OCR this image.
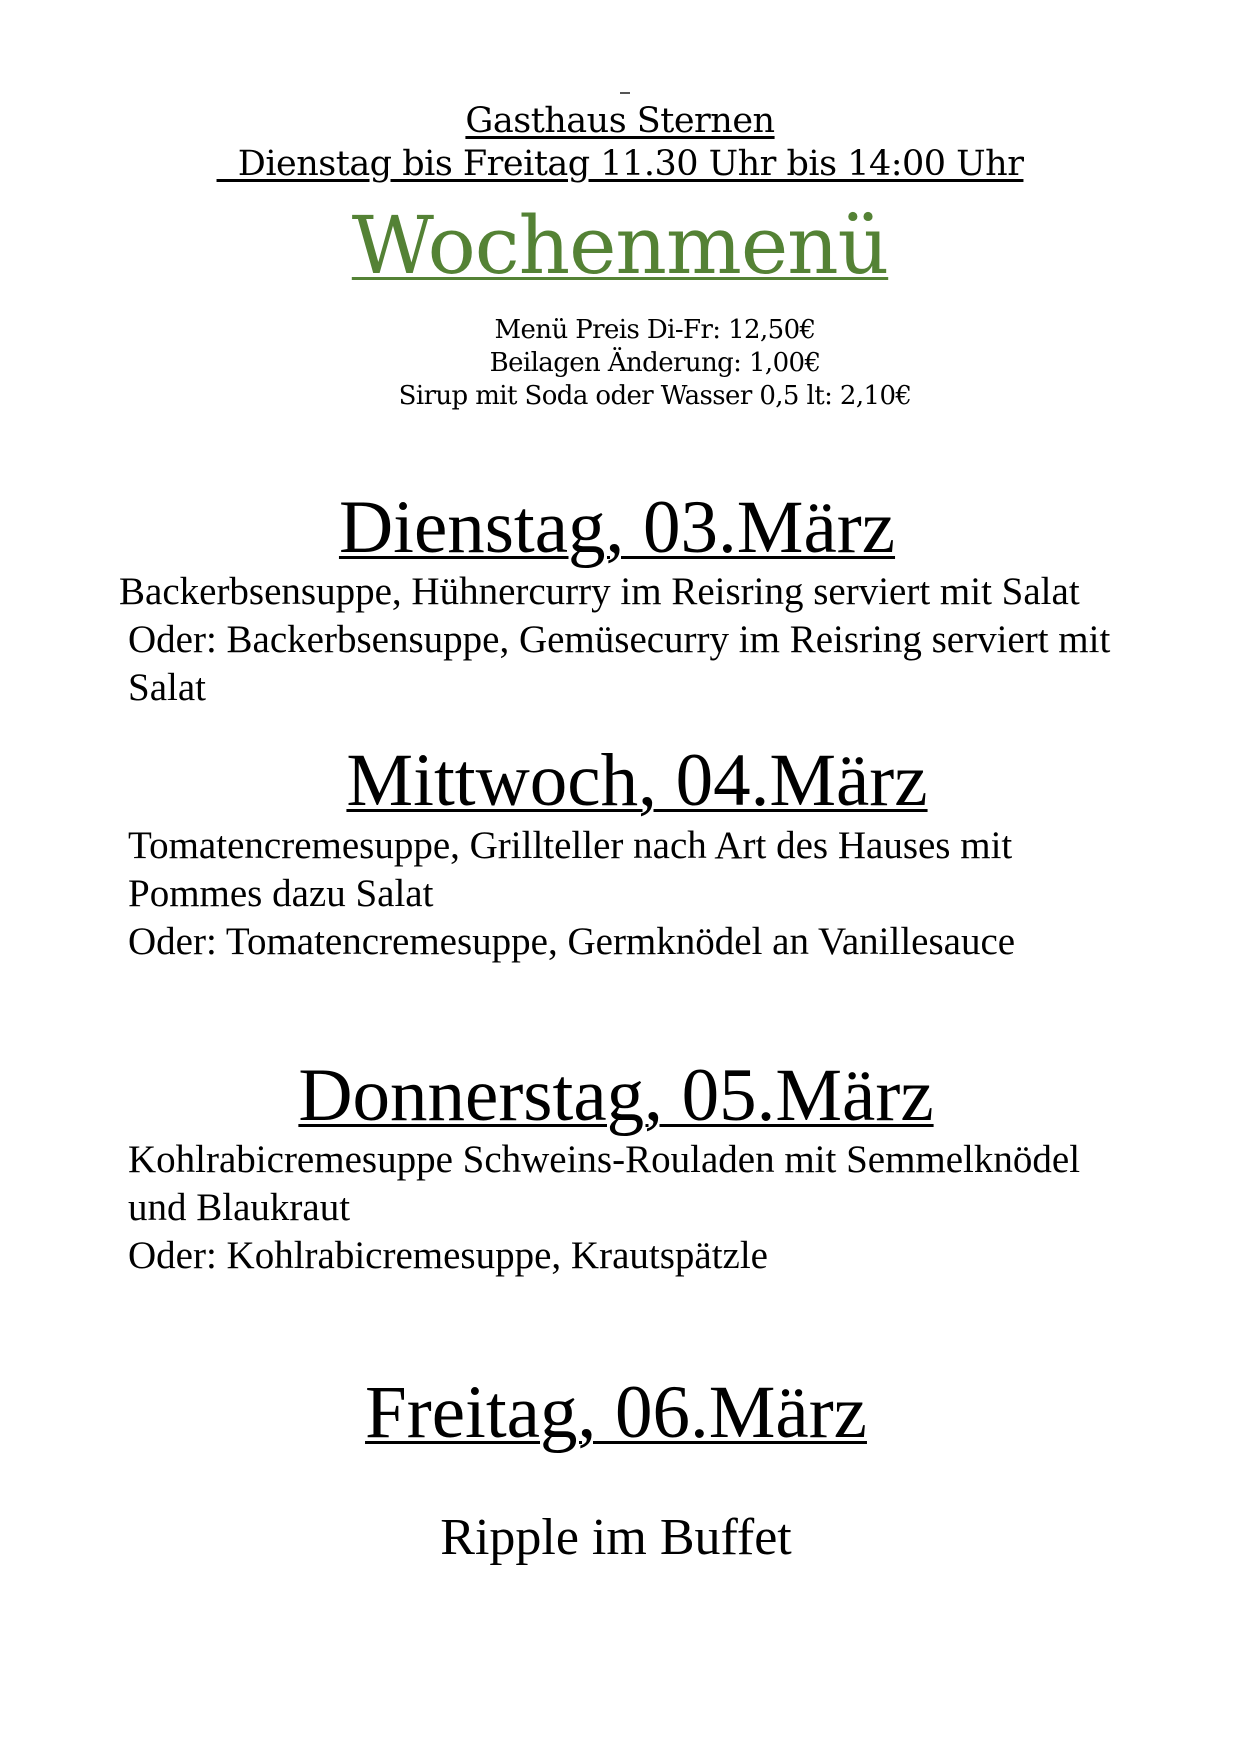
Gasthaus Sternen
Dienstag bis Freitag 11.30 Uhr bis 14:00 Uhr
Wochenmenü
Menü Preis Di-Fr: 12,50€
Beilagen Änderung: 1,00€
Sirup mit Soda oder Wasser 0,5 lt: 2,10€
Dienstag, 03.März
Backerbsensuppe, Hühnercurry im Reisring serviert mit Salat
Oder: Backerbsensuppe, Gemüsecurry im Reisring serviert mit
Salat
Mittwoch, 04.März
Tomatencremesuppe, Grillteller nach Art des Hauses mit
Pommes dazu Salat
Oder: Tomatencremesuppe, Germknödel an Vanillesauce
Donnerstag, 05.März
Kohlrabicremesuppe Schweins-Rouladen mit Semmelknödel
und Blaukraut
Oder: Kohlrabicremesuppe, Krautspätzle
Freitag, 06.März
Ripple im Buffet
